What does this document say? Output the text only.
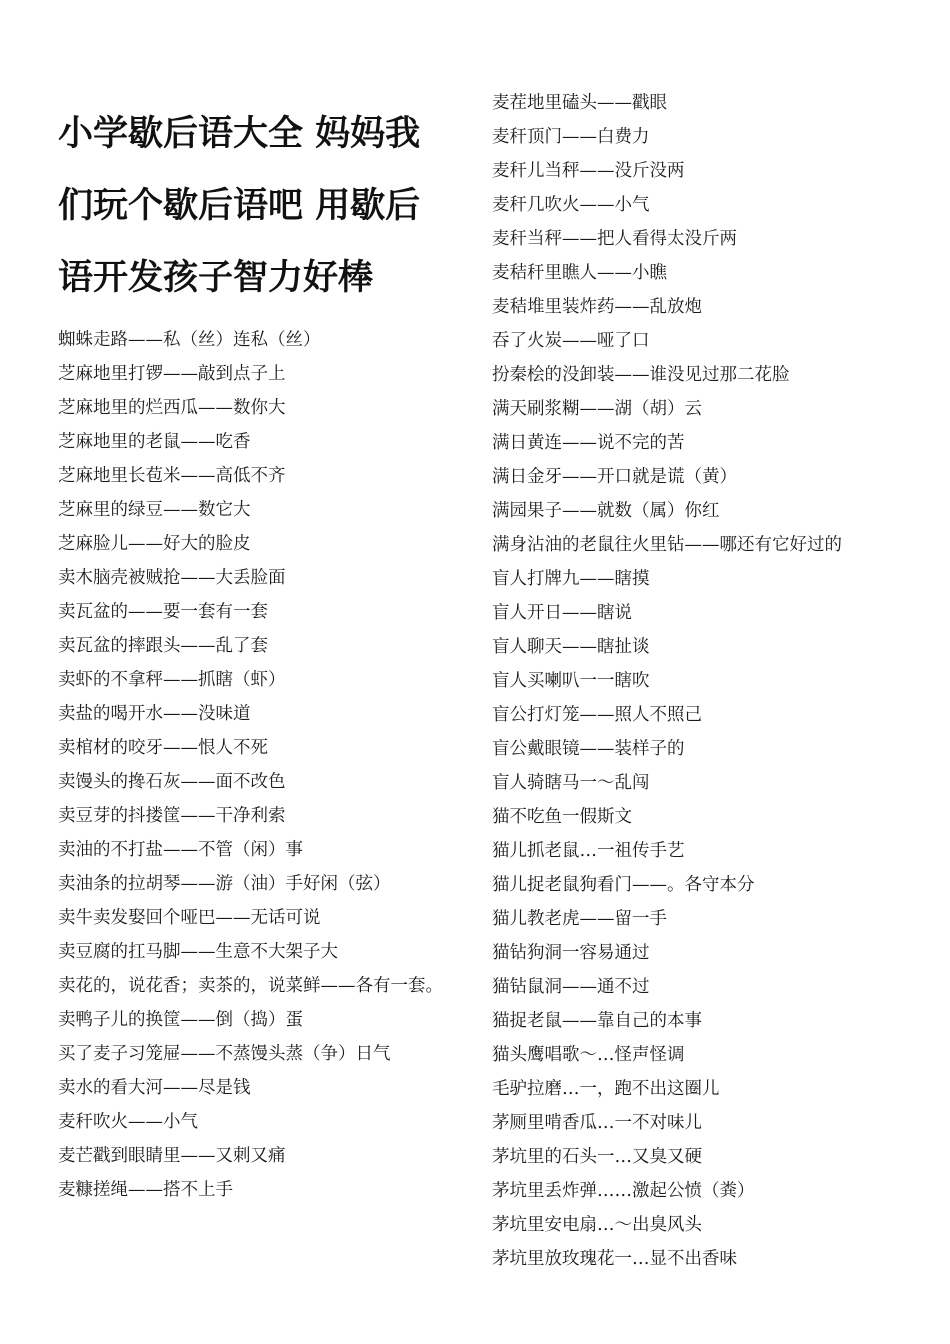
小学歇后语大全 妈妈我们玩个歇后语吧 用歇后语开发孩子智力好棒
蜘蛛走路——私（丝）连私（丝）
芝麻地里打锣——敲到点子上
芝麻地里的烂西瓜——数你大
芝麻地里的老鼠——吃香
芝麻地里长苞米——高低不齐
芝麻里的绿豆——数它大
芝麻脸儿——好大的脸皮
卖木脑壳被贼抢——大丢脸面
卖瓦盆的——要一套有一套
卖瓦盆的摔跟头——乱了套
卖虾的不拿秤——抓瞎（虾）
卖盐的喝开水——没味道
卖棺材的咬牙——恨人不死
卖馒头的搀石灰——面不改色
卖豆芽的抖搂筐——干净利索
卖油的不打盐——不管（闲）事
卖油条的拉胡琴——游（油）手好闲（弦）
卖牛卖发娶回个哑巴——无话可说
卖豆腐的扛马脚——生意不大架子大
卖花的，说花香；卖茶的，说菜鲜——各有一套。
卖鸭子儿的换筐——倒（捣）蛋
买了麦子习笼屉——不蒸馒头蒸（争）日气
卖水的看大河——尽是钱
麦秆吹火——小气
麦芒戳到眼睛里——又刺又痛
麦糠搓绳——搭不上手
麦茬地里磕头——戳眼
麦秆顶门——白费力
麦秆儿当秤——没斤没两
麦秆几吹火——小气
麦秆当秤——把人看得太没斤两
麦秸秆里瞧人——小瞧
麦秸堆里装炸药——乱放炮
吞了火炭——哑了口
扮秦桧的没卸装——谁没见过那二花脸
满天刷浆糊——湖（胡）云
满日黄连——说不完的苦
满日金牙——开口就是谎（黄）
满园果子——就数（属）你红
满身沾油的老鼠往火里钻——哪还有它好过的
盲人打牌九——瞎摸
盲人开日——瞎说
盲人聊天——瞎扯谈
盲人买喇叭一一瞎吹
盲公打灯笼——照人不照己
盲公戴眼镜——装样子的
盲人骑瞎马一～乱闯
猫不吃鱼一假斯文
猫儿抓老鼠…一祖传手艺
猫儿捉老鼠狗看门——。各守本分
猫儿教老虎——留一手
猫钻狗洞一容易通过
猫钻鼠洞——通不过
猫捉老鼠——靠自己的本事
猫头鹰唱歌～…怪声怪调
毛驴拉磨…一，跑不出这圈儿
茅厕里啃香瓜…一不对味儿
茅坑里的石头一…又臭又硬
茅坑里丢炸弹……激起公愤（粪）
茅坑里安电扇…～出臭风头
茅坑里放玫瑰花一…显不出香味
